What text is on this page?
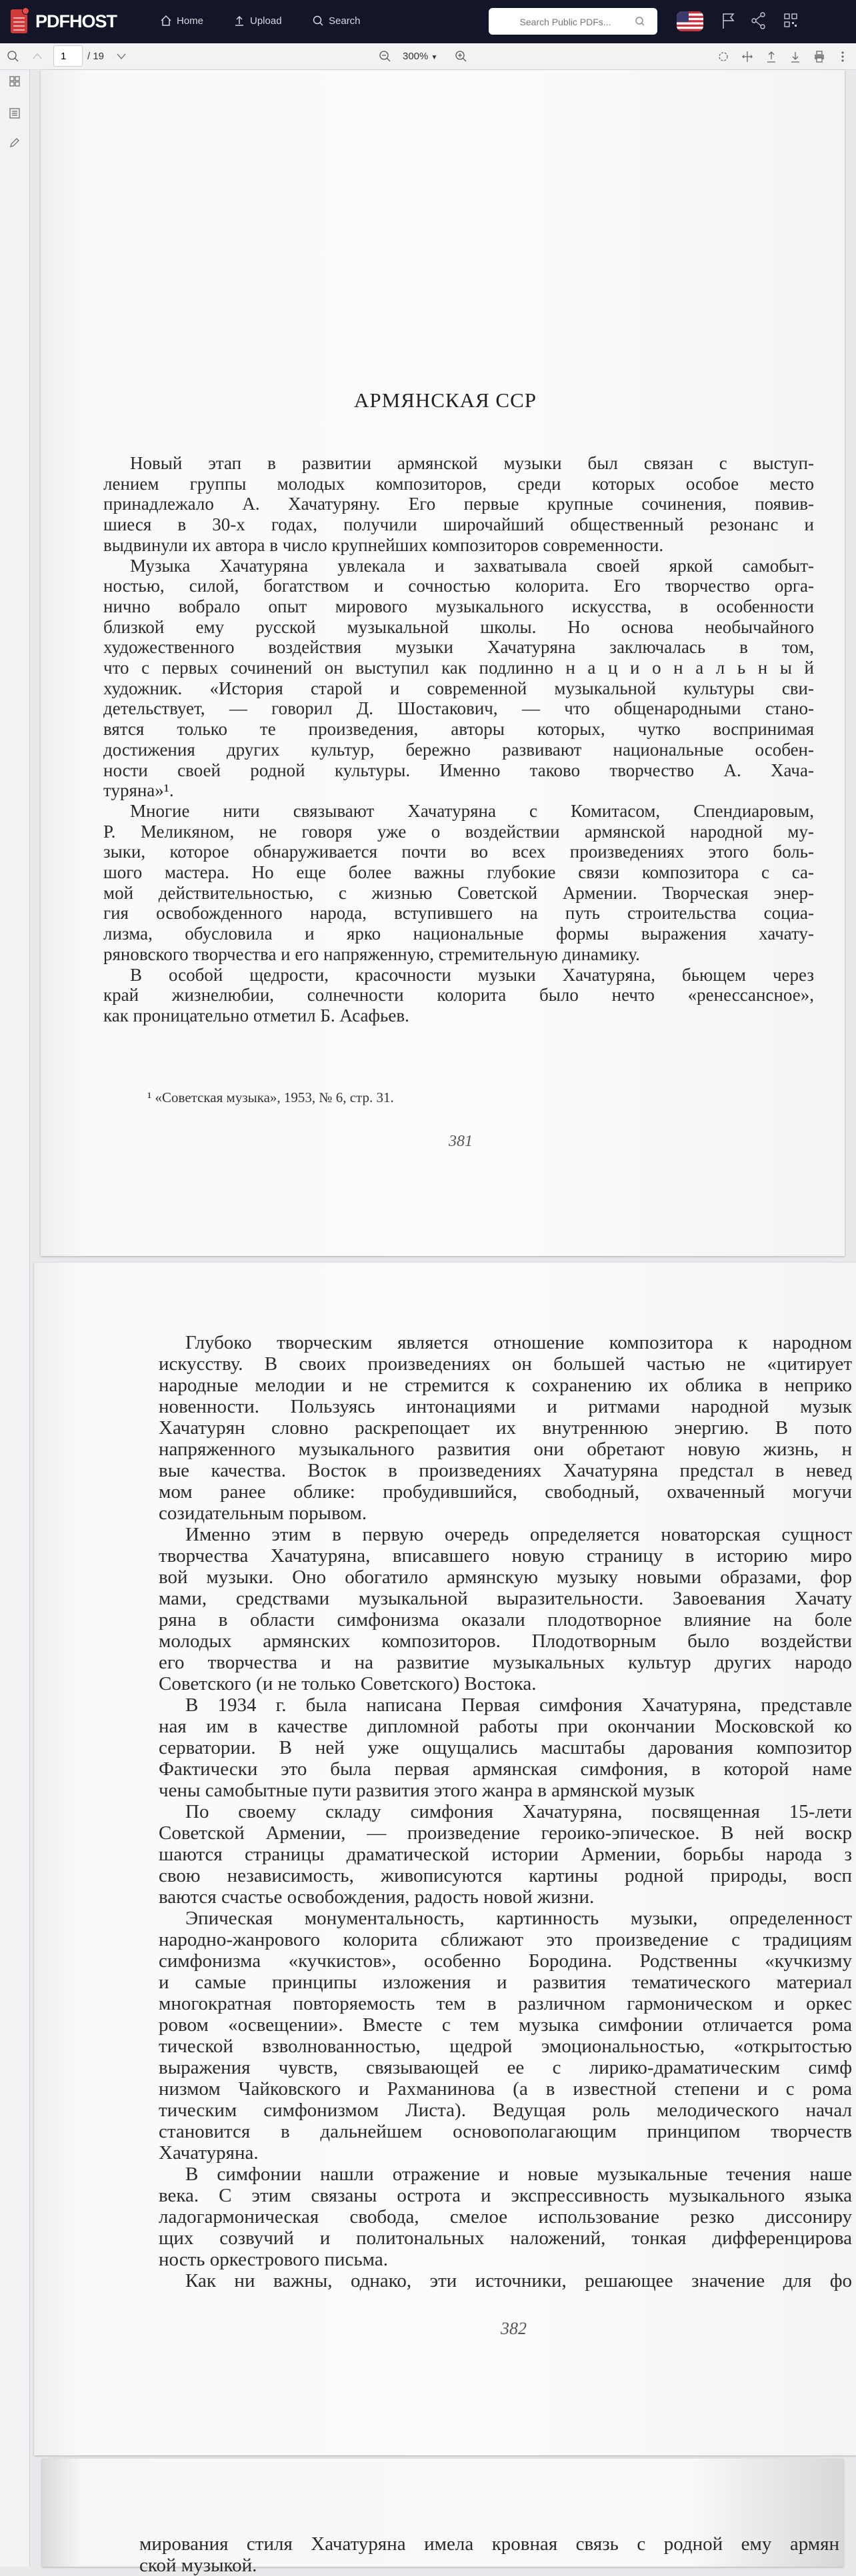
PDFHOST	Home	Upload	Search
Search Public PDFs...
1
/ 19	300% ▼
АРМЯНСКАЯ ССР
Новый этап в развитии армянской музыки был связан с выступ-
лением группы молодых композиторов, среди которых особое место
принадлежало А. Хачатуряну. Его первые крупные сочинения, появив-
шиеся в 30-х годах, получили широчайший общественный резонанс и
выдвинули их автора в число крупнейших композиторов современности.
Музыка Хачатуряна увлекала и захватывала своей яркой самобыт-
ностью, силой, богатством и сочностью колорита. Его творчество орга-
нично вобрало опыт мирового музыкального искусства, в особенности
близкой ему русской музыкальной школы. Но основа необычайного
художественного воздействия музыки Хачатуряна заключалась в том,
что с первых сочинений он выступил как подлинно н а ц и о н а л ь н ы й
художник. «История старой и современной музыкальной культуры сви-
детельствует, — говорил Д. Шостакович, — что общенародными стано-
вятся только те произведения, авторы которых, чутко воспринимая
достижения других культур, бережно развивают национальные особен-
ности своей родной культуры. Именно таково творчество А. Хача-
туряна»¹.
Многие нити связывают Хачатуряна с Комитасом, Спендиаровым,
Р. Меликяном, не говоря уже о воздействии армянской народной му-
зыки, которое обнаруживается почти во всех произведениях этого боль-
шого мастера. Но еще более важны глубокие связи композитора с са-
мой действительностью, с жизнью Советской Армении. Творческая энер-
гия освобожденного народа, вступившего на путь строительства социа-
лизма, обусловила и ярко национальные формы выражения хачату-
ряновского творчества и его напряженную, стремительную динамику.
В особой щедрости, красочности музыки Хачатуряна, бьющем через
край жизнелюбии, солнечности колорита было нечто «ренессансное»,
как проницательно отметил Б. Асафьев.
¹ «Советская музыка», 1953, № 6, стр. 31.
381
Глубоко творческим является отношение композитора к народном
искусству. В своих произведениях он большей частью не «цитирует
народные мелодии и не стремится к сохранению их облика в неприко
новенности. Пользуясь интонациями и ритмами народной музык
Хачатурян словно раскрепощает их внутреннюю энергию. В пото
напряженного музыкального развития они обретают новую жизнь, н
вые качества. Восток в произведениях Хачатуряна предстал в невед
мом ранее облике: пробудившийся, свободный, охваченный могучи
созидательным порывом.
Именно этим в первую очередь определяется новаторская сущност
творчества Хачатуряна, вписавшего новую страницу в историю миро
вой музыки. Оно обогатило армянскую музыку новыми образами, фор
мами, средствами музыкальной выразительности. Завоевания Хачату
ряна в области симфонизма оказали плодотворное влияние на боле
молодых армянских композиторов. Плодотворным было воздействи
его творчества и на развитие музыкальных культур других народо
Советского (и не только Советского) Востока.
В 1934 г. была написана Первая симфония Хачатуряна, представле
ная им в качестве дипломной работы при окончании Московской ко
серватории. В ней уже ощущались масштабы дарования композитор
Фактически это была первая армянская симфония, в которой наме
чены самобытные пути развития этого жанра в армянской музык
По своему складу симфония Хачатуряна, посвященная 15-лети
Советской Армении, — произведение героико-эпическое. В ней воскр
шаются страницы драматической истории Армении, борьбы народа з
свою независимость, живописуются картины родной природы, восп
ваются счастье освобождения, радость новой жизни.
Эпическая монументальность, картинность музыки, определенност
народно-жанрового колорита сближают это произведение с традициям
симфонизма «кучкистов», особенно Бородина. Родственны «кучкизму
и самые принципы изложения и развития тематического материал
многократная повторяемость тем в различном гармоническом и оркес
ровом «освещении». Вместе с тем музыка симфонии отличается рома
тической взволнованностью, щедрой эмоциональностью, «открытостью
выражения чувств, связывающей ее с лирико-драматическим симф
низмом Чайковского и Рахманинова (а в известной степени и с рома
тическим симфонизмом Листа). Ведущая роль мелодического начал
становится в дальнейшем основополагающим принципом творчеств
Хачатуряна.
В симфонии нашли отражение и новые музыкальные течения наше
века. С этим связаны острота и экспрессивность музыкального языка
ладогармоническая свобода, смелое использование резко диссониру
щих созвучий и политональных наложений, тонкая дифференцирова
ность оркестрового письма.
Как ни важны, однако, эти источники, решающее значение для фо
382
мирования стиля Хачатуряна имела кровная связь с родной ему армян
ской музыкой.
